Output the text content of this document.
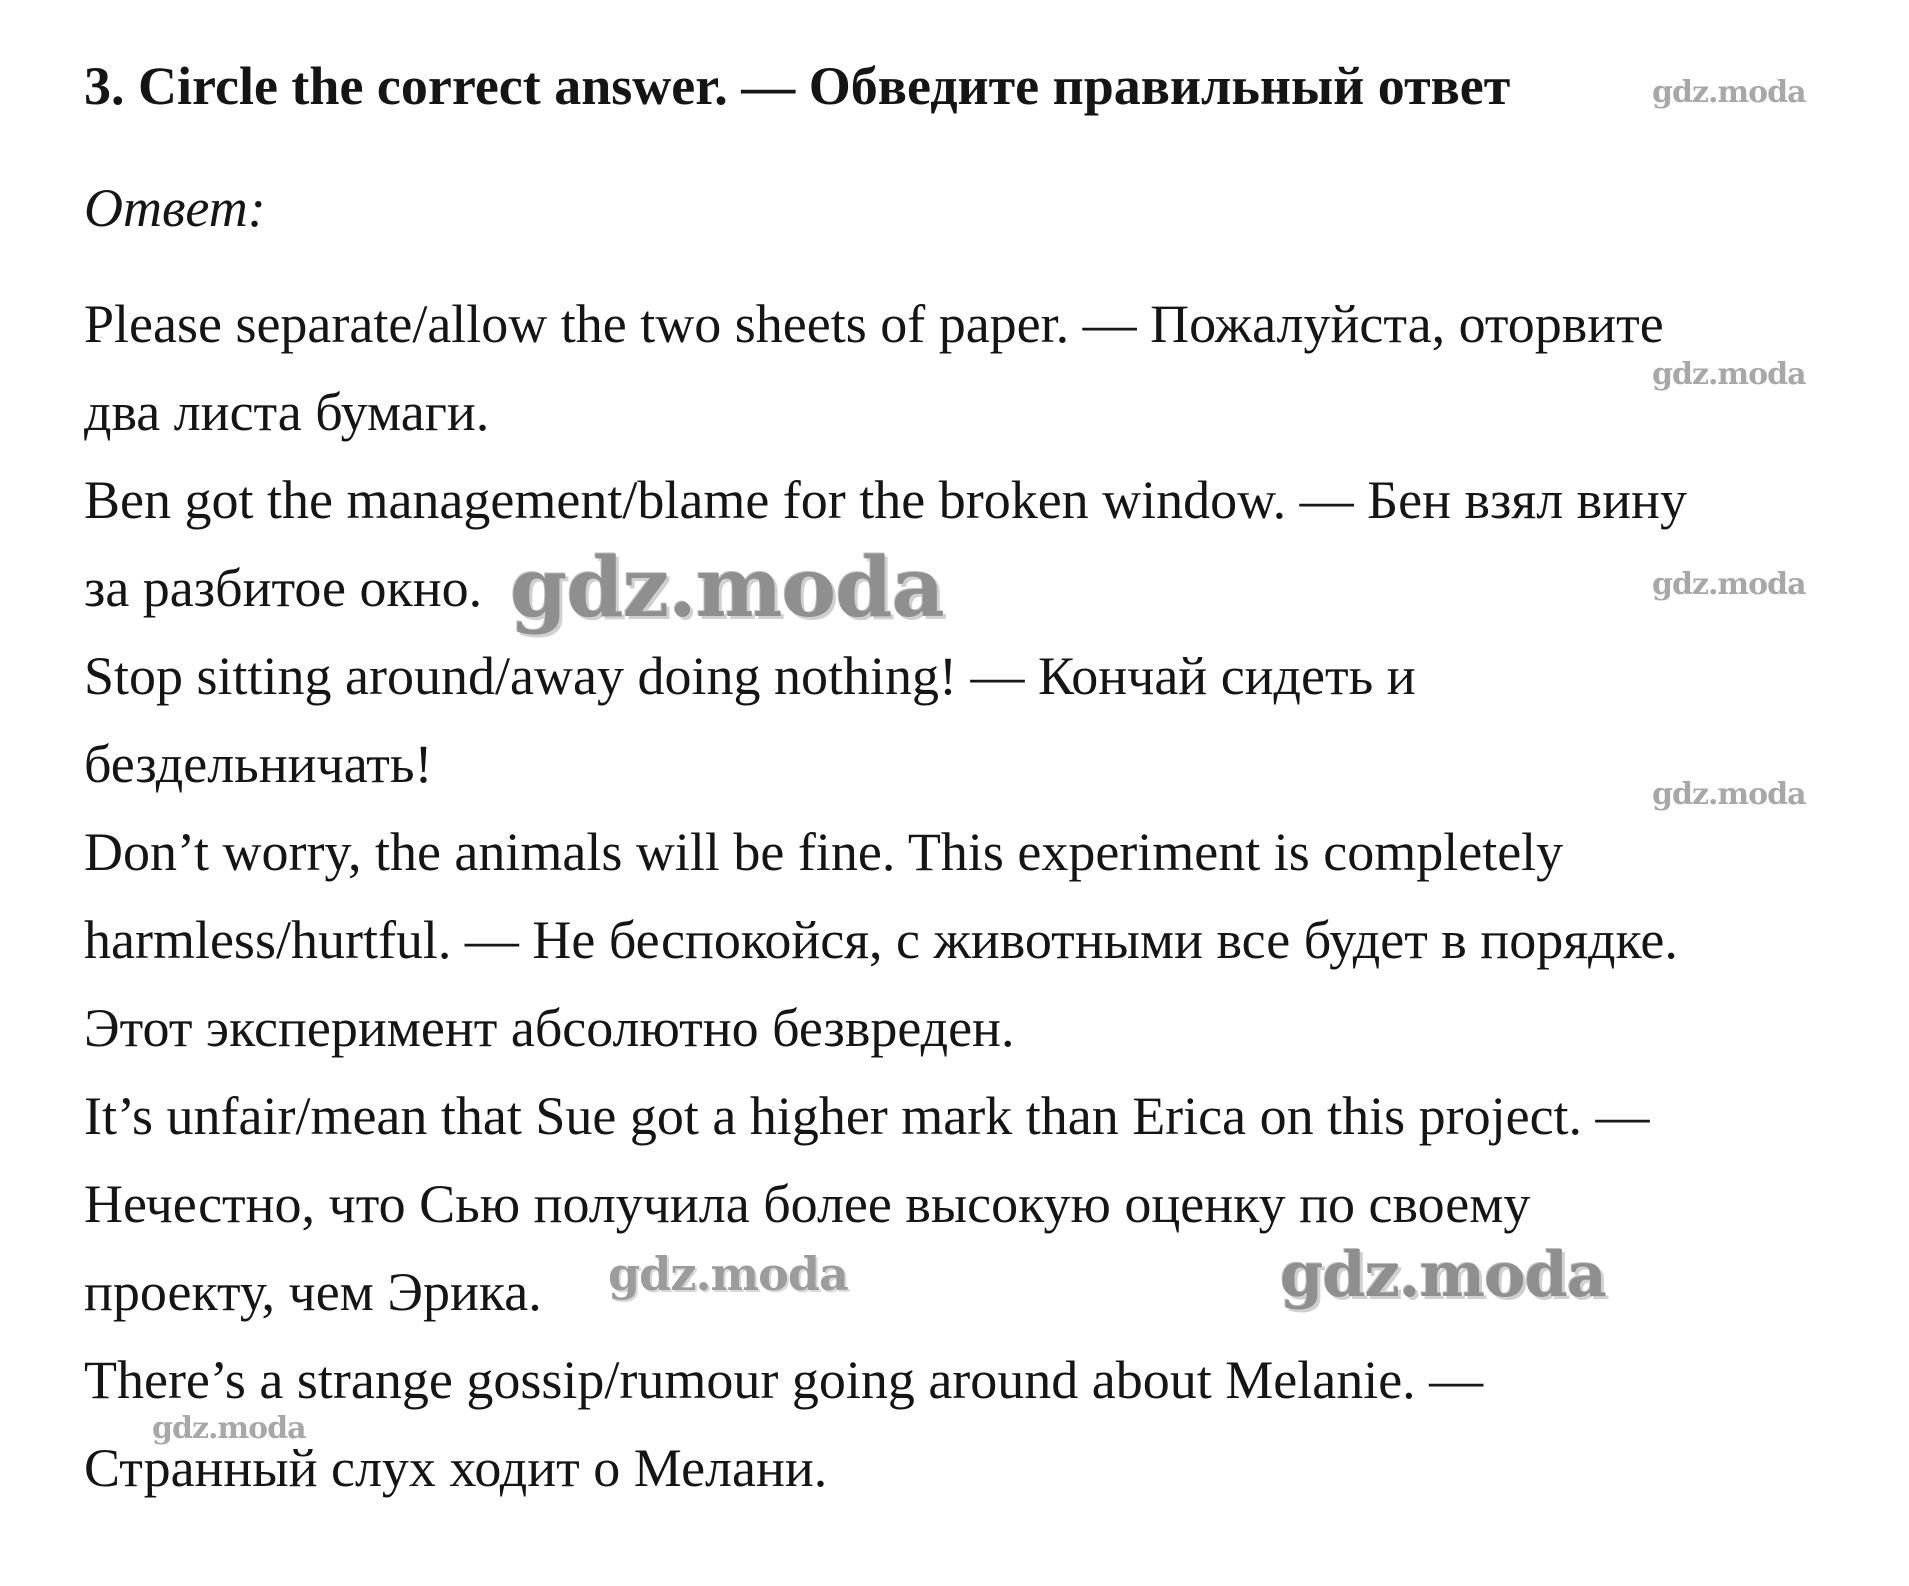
3. Circle the correct answer. — Обведите правильный ответ	gdz.moda
Ответ:
Please separate/allow the two sheets of paper. — Пожалуйста, оторвите
gdz.moda
два листа бумаги.
Ben got the management/blame for the broken window. — Бен взял вину
за разбитое окно. gdz.moda	gdz.moda
Stop sitting around/away doing nothing! — Кончай сидеть и
бездельничать!
gdz.moda
Don’t worry, the animals will be fine. This experiment is completely
harmless/hurtful. — Не беспокойся, с животными все будет в порядке.
Этот эксперимент абсолютно безвреден.
It’s unfair/mean that Sue got a higher mark than Erica on this project. —
Нечестно, что Сью получила более высокую оценку по своему
проекту, чем Эрика. gdz.moda	gdz.moda
There’s a strange gossip/rumour going around about Melanie. —
gdz.moda
Странный слух ходит о Мелани.
